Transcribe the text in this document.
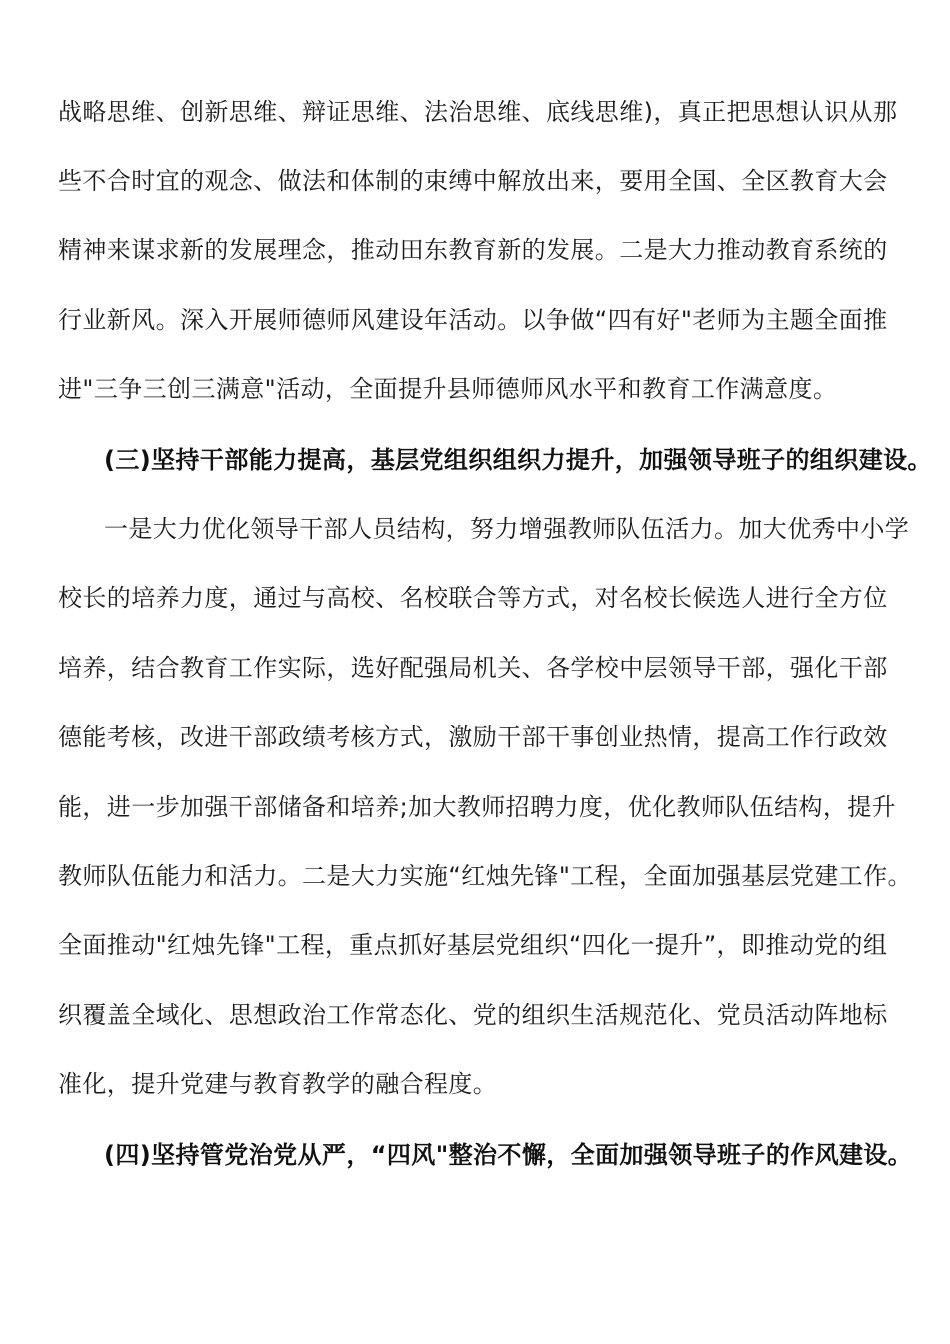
战略思维、创新思维、辩证思维、法治思维、底线思维)，真正把思想认识从那
些不合时宜的观念、做法和体制的束缚中解放出来，要用全国、全区教育大会
精神来谋求新的发展理念，推动田东教育新的发展。二是大力推动教育系统的
行业新风。深入开展师德师风建设年活动。以争做“四有好"老师为主题全面推
进"三争三创三满意"活动，全面提升县师德师风水平和教育工作满意度。
(三)坚持干部能力提高，基层党组织组织力提升，加强领导班子的组织建设。
一是大力优化领导干部人员结构，努力增强教师队伍活力。加大优秀中小学
校长的培养力度，通过与高校、名校联合等方式，对名校长候选人进行全方位
培养，结合教育工作实际，选好配强局机关、各学校中层领导干部，强化干部
德能考核，改进干部政绩考核方式，激励干部干事创业热情，提高工作行政效
能，进一步加强干部储备和培养;加大教师招聘力度，优化教师队伍结构，提升
教师队伍能力和活力。二是大力实施“红烛先锋"工程，全面加强基层党建工作。
全面推动"红烛先锋"工程，重点抓好基层党组织“四化一提升”，即推动党的组
织覆盖全域化、思想政治工作常态化、党的组织生活规范化、党员活动阵地标
准化，提升党建与教育教学的融合程度。
(四)坚持管党治党从严，“四风"整治不懈，全面加强领导班子的作风建设。
